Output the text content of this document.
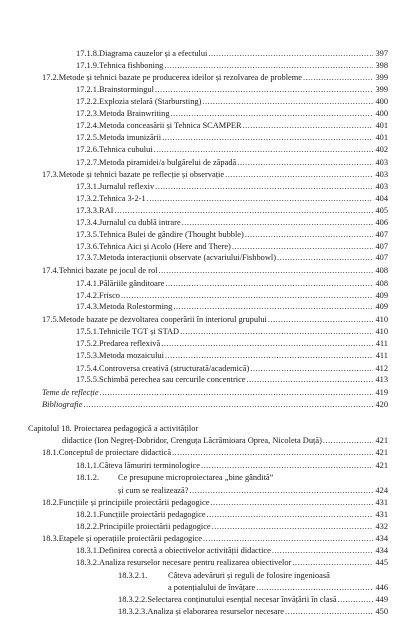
17.1.8. Diagrama cauzelor și a efectului .....	397
17.1.9. Tehnica fishboning .....	398
17.2. Metode și tehnici bazate pe producerea ideilor și rezolvarea de probleme .....	399
17.2.1. Brainstormingul .....	399
17.2.2. Explozia stelară (Starbursting) .....	400
17.2.3. Metoda Brainwriting .....	400
17.2.4. Metoda conceasării și Tehnica SCAMPER .....	401
17.2.5. Metoda imunizării .....	401
17.2.6. Tehnica cubului .....	402
17.2.7. Metoda piramidei/a bulgărelui de zăpadă .....	403
17.3. Metode și tehnici bazate pe reflecție și observație .....	403
17.3.1. Jurnalul reflexiv .....	403
17.3.2. Tehnica 3-2-1 .....	404
17.3.3. RAI .....	405
17.3.4. Jurnalul cu dublă intrare .....	406
17.3.5. Tehnica Bulei de gândire (Thought bubble) .....	407
17.3.6. Tehnica Aici și Acolo (Here and There) .....	407
17.3.7. Metoda interacțiunii observate (acvariului/Fishbowl) .....	407
17.4. Tehnici bazate pe jocul de rol .....	408
17.4.1. Pălăriile gânditoare .....	408
17.4.2. Frisco .....	409
17.4.3. Metoda Rolestorming .....	409
17.5. Metode bazate pe dezvoltarea cooperării în interiorul grupului .....	410
17.5.1. Tehnicile TGT și STAD .....	410
17.5.2. Predarea reflexivă .....	411
17.5.3. Metoda mozaicului .....	411
17.5.4. Controversa creativă (structurată/academică) .....	412
17.5.5. Schimbă perechea sau cercurile concentrice .....	413
Teme de reflecție .....	419
Bibliografie .....	420
Capitolul 18. Proiectarea pedagogică a activităților
didactice (Ion Negreț-Dobridor, Crenguța Lăcrămioara Oprea, Nicoleta Duță) .....	421
18.1. Conceptul de proiectare didactică .....	421
18.1.1. Câteva lămuriri terminologice .....	421
18.1.2.	Ce presupune microproiectarea „bine gândită”
și cum se realizează? .....	424
18.2. Funcțiile și principiile proiectării pedagogice .....	431
18.2.1. Funcțiile proiectării pedagogice .....	431
18.2.2. Principiile proiectării pedagogice .....	432
18.3. Etapele și operațiile proiectării pedagogice .....	434
18.3.1. Definirea corectă a obiectivelor activității didactice .....	434
18.3.2. Analiza resurselor necesare pentru realizarea obiectivelor .....	445
18.3.2.1.	Câteva adevăruri și reguli de folosire ingenioasă
a potențialului de învățare .....	446
18.3.2.2. Selectarea conținutului esențial necesar învățării în clasă .....	449
18.3.2.3. Analiza și elaborarea resurselor necesare .....	450
